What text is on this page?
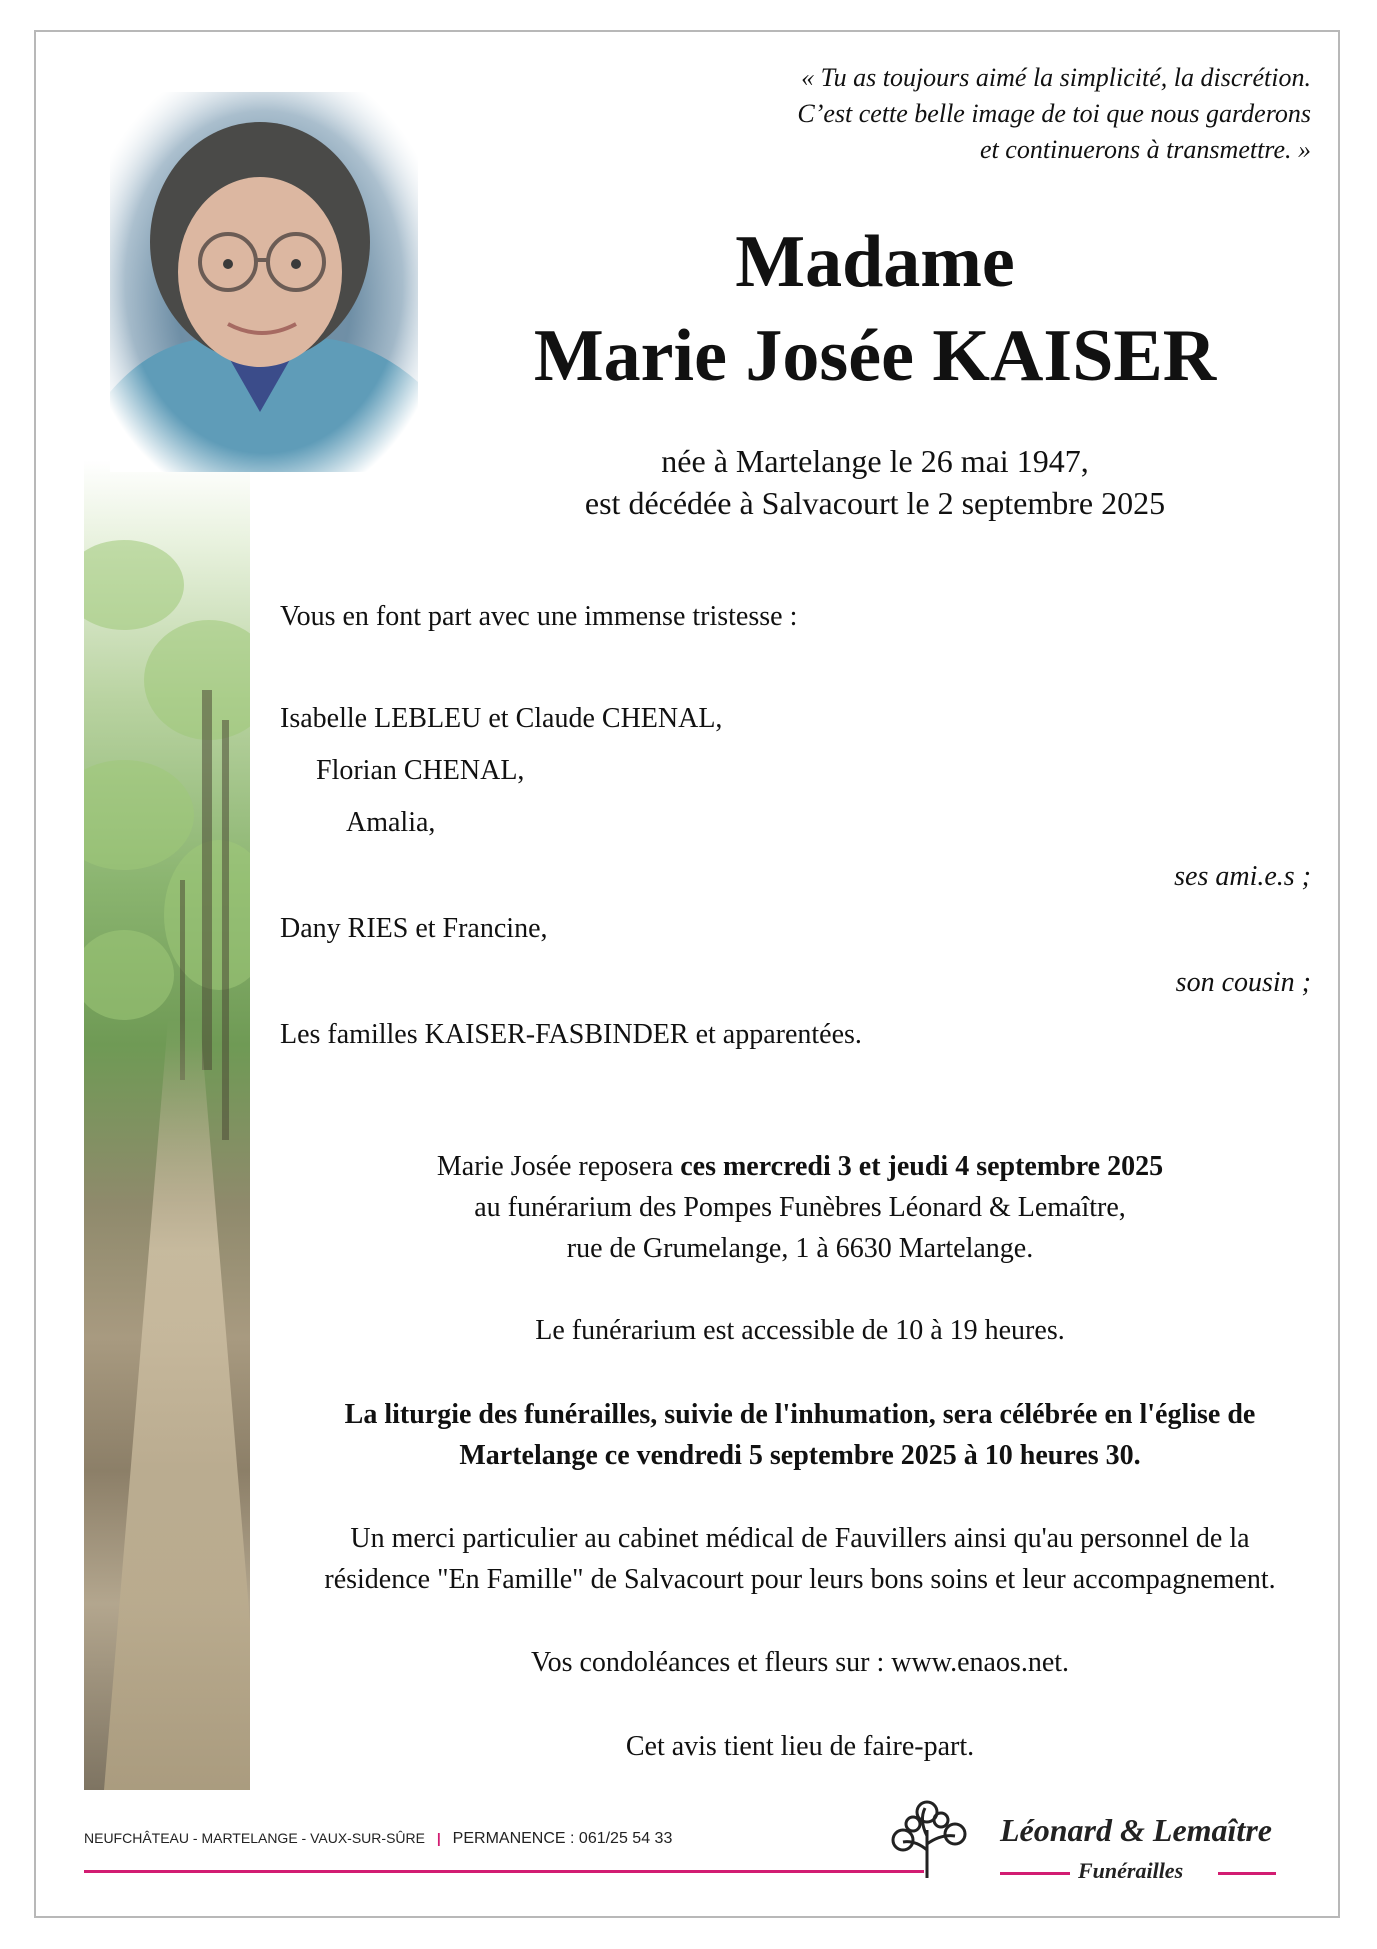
« Tu as toujours aimé la simplicité, la discrétion.
C’est cette belle image de toi que nous garderons
et continuerons à transmettre. »
Madame
Marie Josée KAISER
née à Martelange le 26 mai 1947,
est décédée à Salvacourt le 2 septembre 2025
Vous en font part avec une immense tristesse :
Isabelle LEBLEU et Claude CHENAL,
Florian CHENAL,
Amalia,
ses ami.e.s ;
Dany RIES et Francine,
son cousin ;
Les familles KAISER-FASBINDER et apparentées.
Marie Josée reposera ces mercredi 3 et jeudi 4 septembre 2025
au funérarium des Pompes Funèbres Léonard & Lemaître,
rue de Grumelange, 1 à 6630 Martelange.
Le funérarium est accessible de 10 à 19 heures.
La liturgie des funérailles, suivie de l'inhumation, sera célébrée en l'église de
Martelange ce vendredi 5 septembre 2025 à 10 heures 30.
Un merci particulier au cabinet médical de Fauvillers ainsi qu'au personnel de la
résidence "En Famille" de Salvacourt pour leurs bons soins et leur accompagnement.
Vos condoléances et fleurs sur : www.enaos.net.
Cet avis tient lieu de faire-part.
NEUFCHÂTEAU - MARTELANGE - VAUX-SUR-SÛRE | PERMANENCE : 061/25 54 33	Léonard & Lemaître
Funérailles
